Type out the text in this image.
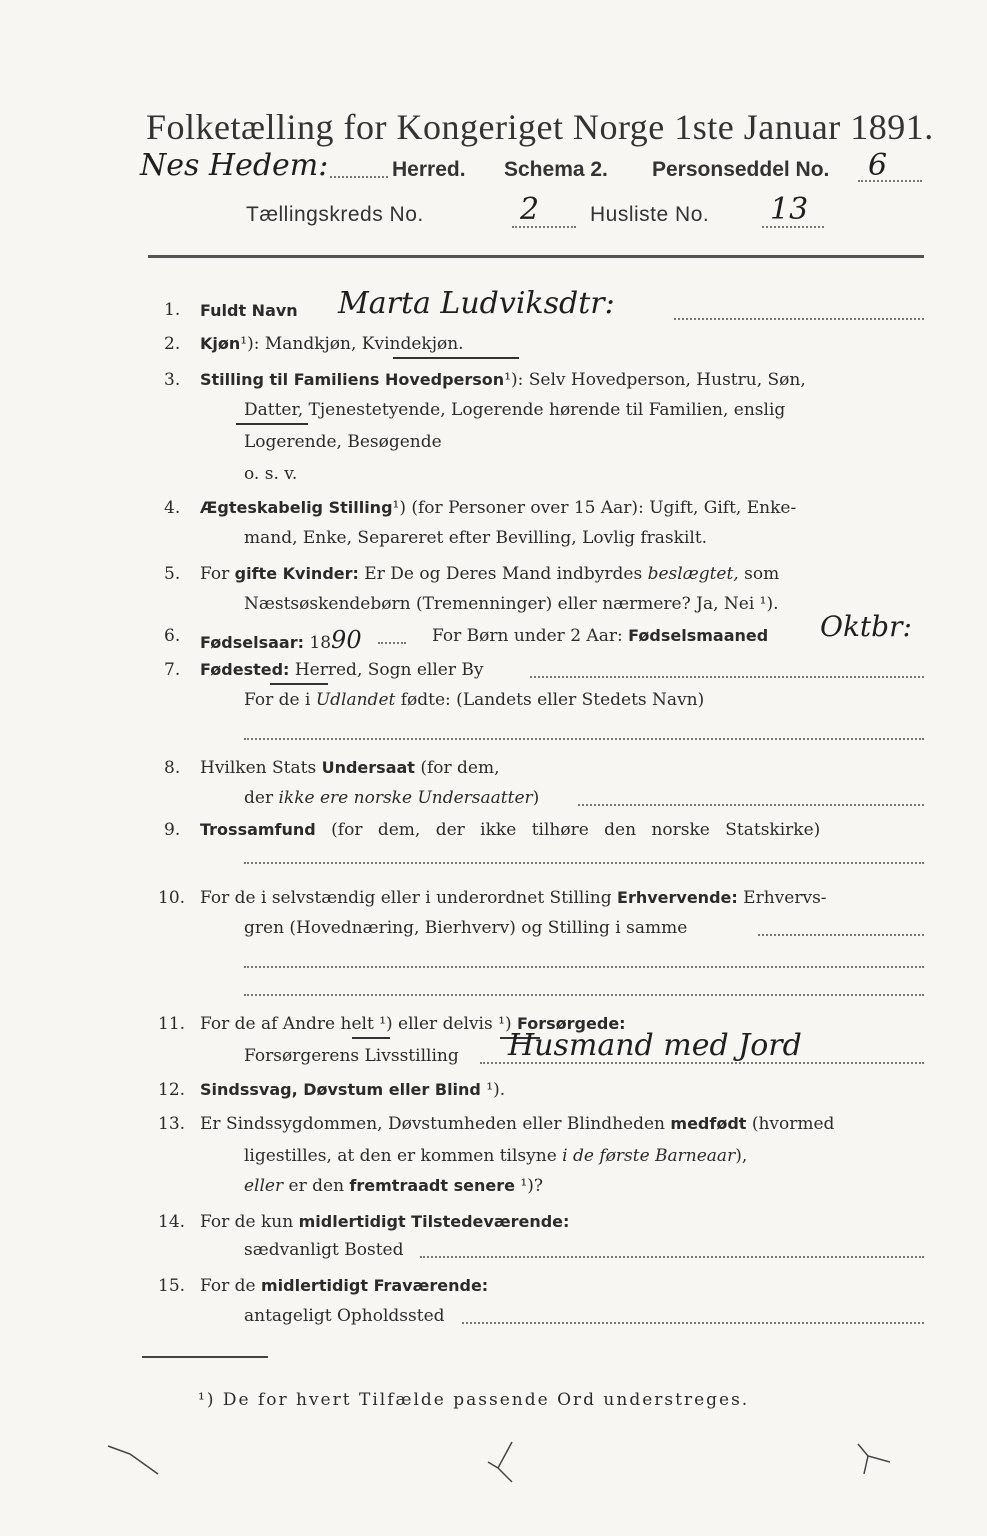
Folketælling for Kongeriget Norge 1ste Januar 1891.
Nes Hedem:	Herred. Schema 2. Personseddel No. 6
Tællingskreds No.	2 Husliste No. 13
1. Fuldt Navn Marta Ludviksdtr:
2. Kjøn¹): Mandkjøn, Kvindekjøn.
3. Stilling til Familiens Hovedperson¹): Selv Hovedperson, Hustru, Søn,
Datter, Tjenestetyende, Logerende hørende til Familien, enslig
Logerende, Besøgende
o. s. v.
4. Ægteskabelig Stilling¹) (for Personer over 15 Aar): Ugift, Gift, Enke-
mand, Enke, Separeret efter Bevilling, Lovlig fraskilt.
5. For gifte Kvinder: Er De og Deres Mand indbyrdes beslægtet, som
Næstsøskendebørn (Tremenninger) eller nærmere? Ja, Nei ¹).
6. Fødselsaar: 1890	For Børn under 2 Aar: Fødselsmaaned Oktbr:
7. Fødested: Herred, Sogn eller By
For de i Udlandet fødte: (Landets eller Stedets Navn)
8. Hvilken Stats Undersaat (for dem,
der ikke ere norske Undersaatter)
9. Trossamfund (for dem, der ikke tilhøre den norske Statskirke)
10. For de i selvstændig eller i underordnet Stilling Erhvervende: Erhvervs-
gren (Hovednæring, Bierhverv) og Stilling i samme
11. For de af Andre helt ¹) eller delvis ¹) Forsørgede:
Forsørgerens Livsstilling Husmand med Jord
12. Sindssvag, Døvstum eller Blind ¹).
13. Er Sindssygdommen, Døvstumheden eller Blindheden medfødt (hvormed
ligestilles, at den er kommen tilsyne i de første Barneaar),
eller er den fremtraadt senere ¹)?
14. For de kun midlertidigt Tilstedeværende:
sædvanligt Bosted
15. For de midlertidigt Fraværende:
antageligt Opholdssted
¹) De for hvert Tilfælde passende Ord understreges.
